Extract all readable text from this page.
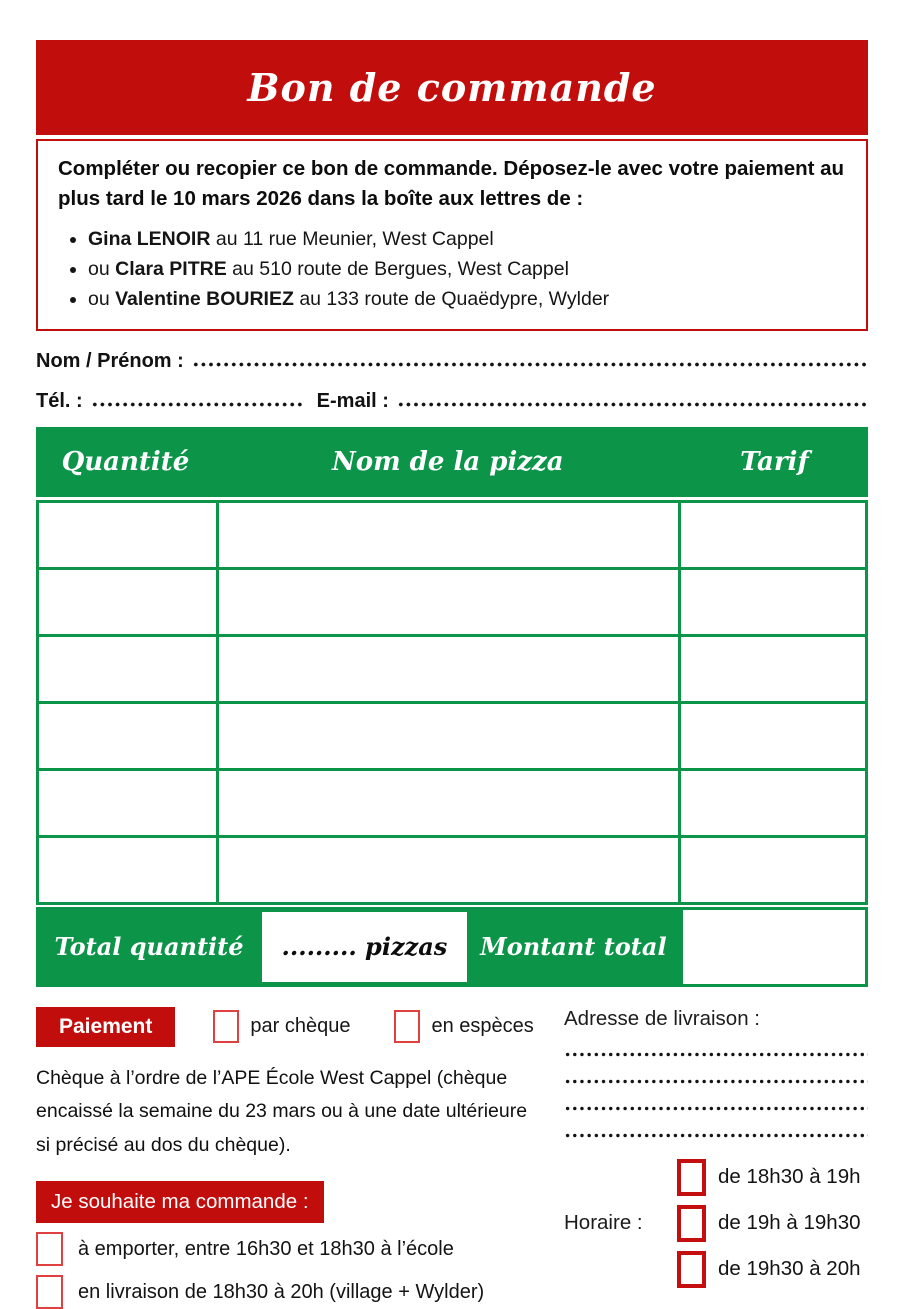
Bon de commande
Compléter ou recopier ce bon de commande. Déposez-le avec votre paiement au plus tard le 10 mars 2026 dans la boîte aux lettres de :
• Gina LENOIR au 11 rue Meunier, West Cappel
• ou Clara PITRE au 510 route de Bergues, West Cappel
• ou Valentine BOURIEZ au 133 route de Quaëdypre, Wylder
Nom / Prénom :
Tél. :	E-mail :
Quantité	Nom de la pizza	Tarif
Total quantité	......... pizzas	Montant total
Paiement	par chèque	en espèces
Chèque à l’ordre de l’APE École West Cappel (chèque encaissé la semaine du 23 mars ou à une date ultérieure si précisé au dos du chèque).
Je souhaite ma commande :
à emporter, entre 16h30 et 18h30 à l’école
en livraison de 18h30 à 20h (village + Wylder)
Adresse de livraison :
Horaire :
de 18h30 à 19h
de 19h à 19h30
de 19h30 à 20h
